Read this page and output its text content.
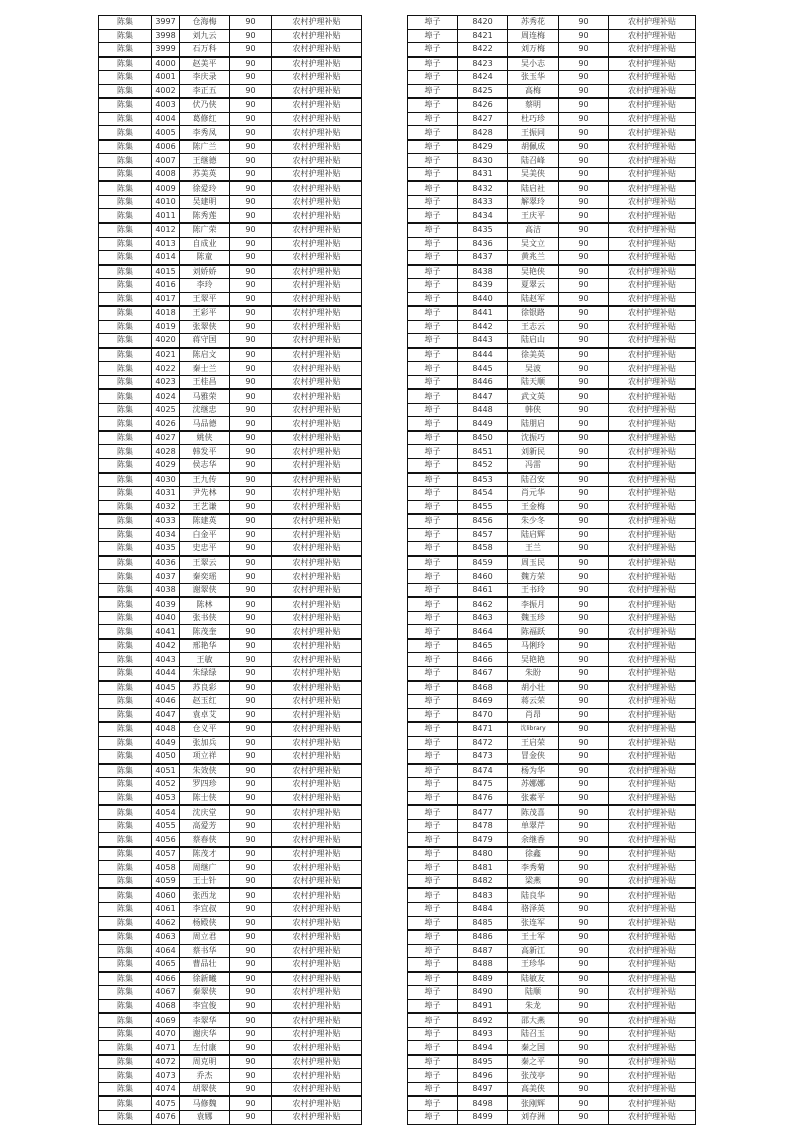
陈集	3997	仓海梅	90	农村护理补贴
陈集	3998	刘九云	90	农村护理补贴
陈集	3999	石万科	90	农村护理补贴
陈集	4000	赵美平	90	农村护理补贴
陈集	4001	李庆录	90	农村护理补贴
陈集	4002	李正五	90	农村护理补贴
陈集	4003	伏乃侠	90	农村护理补贴
陈集	4004	葛修红	90	农村护理补贴
陈集	4005	李秀凤	90	农村护理补贴
陈集	4006	陈广兰	90	农村护理补贴
陈集	4007	王继德	90	农村护理补贴
陈集	4008	苏美英	90	农村护理补贴
陈集	4009	徐爱玲	90	农村护理补贴
陈集	4010	吴建明	90	农村护理补贴
陈集	4011	陈秀莲	90	农村护理补贴
陈集	4012	陈广荣	90	农村护理补贴
陈集	4013	自成业	90	农村护理补贴
陈集	4014	陈童	90	农村护理补贴
陈集	4015	刘娇娇	90	农村护理补贴
陈集	4016	李玲	90	农村护理补贴
陈集	4017	王翠平	90	农村护理补贴
陈集	4018	王彩平	90	农村护理补贴
陈集	4019	张翠侠	90	农村护理补贴
陈集	4020	蒋守国	90	农村护理补贴
陈集	4021	陈启文	90	农村护理补贴
陈集	4022	秦士兰	90	农村护理补贴
陈集	4023	王桂昌	90	农村护理补贴
陈集	4024	马雅荣	90	农村护理补贴
陈集	4025	沈继忠	90	农村护理补贴
陈集	4026	马品德	90	农村护理补贴
陈集	4027	姚侠	90	农村护理补贴
陈集	4028	韩发平	90	农村护理补贴
陈集	4029	侯志华	90	农村护理补贴
陈集	4030	王九传	90	农村护理补贴
陈集	4031	尹先林	90	农村护理补贴
陈集	4032	王艺谦	90	农村护理补贴
陈集	4033	陈建英	90	农村护理补贴
陈集	4034	白金平	90	农村护理补贴
陈集	4035	史忠平	90	农村护理补贴
陈集	4036	王翠云	90	农村护理补贴
陈集	4037	秦奕瑶	90	农村护理补贴
陈集	4038	谢翠侠	90	农村护理补贴
陈集	4039	陈林	90	农村护理补贴
陈集	4040	张书侠	90	农村护理补贴
陈集	4041	陈茂奎	90	农村护理补贴
陈集	4042	邢艳华	90	农村护理补贴
陈集	4043	王敏	90	农村护理补贴
陈集	4044	朱绿绿	90	农村护理补贴
陈集	4045	苏良彩	90	农村护理补贴
陈集	4046	赵玉红	90	农村护理补贴
陈集	4047	袁卓艾	90	农村护理补贴
陈集	4048	仓义平	90	农村护理补贴
陈集	4049	张加兵	90	农村护理补贴
陈集	4050	项立祥	90	农村护理补贴
陈集	4051	朱效侠	90	农村护理补贴
陈集	4052	罗四珍	90	农村护理补贴
陈集	4053	陈士侠	90	农村护理补贴
陈集	4054	沈庆堂	90	农村护理补贴
陈集	4055	高爱芳	90	农村护理补贴
陈集	4056	蔡春侠	90	农村护理补贴
陈集	4057	陈茂才	90	农村护理补贴
陈集	4058	周继广	90	农村护理补贴
陈集	4059	王士针	90	农村护理补贴
陈集	4060	张西龙	90	农村护理补贴
陈集	4061	李宜叔	90	农村护理补贴
陈集	4062	杨殿侠	90	农村护理补贴
陈集	4063	周立君	90	农村护理补贴
陈集	4064	蔡书华	90	农村护理补贴
陈集	4065	曹品壮	90	农村护理补贴
陈集	4066	徐新曦	90	农村护理补贴
陈集	4067	秦翠侠	90	农村护理补贴
陈集	4068	李宜俊	90	农村护理补贴
陈集	4069	李翠华	90	农村护理补贴
陈集	4070	谢庆华	90	农村护理补贴
陈集	4071	左付康	90	农村护理补贴
陈集	4072	周克明	90	农村护理补贴
陈集	4073	乔杰	90	农村护理补贴
陈集	4074	胡翠侠	90	农村护理补贴
陈集	4075	马修魏	90	农村护理补贴
陈集	4076	袁娜	90	农村护理补贴
埠子	8420	苏秀花	90	农村护理补贴
埠子	8421	周连梅	90	农村护理补贴
埠子	8422	刘万梅	90	农村护理补贴
埠子	8423	吴小志	90	农村护理补贴
埠子	8424	张玉华	90	农村护理补贴
埠子	8425	高梅	90	农村护理补贴
埠子	8426	蔡明	90	农村护理补贴
埠子	8427	杜巧珍	90	农村护理补贴
埠子	8428	王振同	90	农村护理补贴
埠子	8429	胡佩成	90	农村护理补贴
埠子	8430	陆召峰	90	农村护理补贴
埠子	8431	吴美侠	90	农村护理补贴
埠子	8432	陆启社	90	农村护理补贴
埠子	8433	解翠玲	90	农村护理补贴
埠子	8434	王庆平	90	农村护理补贴
埠子	8435	高洁	90	农村护理补贴
埠子	8436	吴文立	90	农村护理补贴
埠子	8437	黄兆兰	90	农村护理补贴
埠子	8438	吴艳侠	90	农村护理补贴
埠子	8439	夏翠云	90	农村护理补贴
埠子	8440	陆赵军	90	农村护理补贴
埠子	8441	徐银路	90	农村护理补贴
埠子	8442	王志云	90	农村护理补贴
埠子	8443	陆启山	90	农村护理补贴
埠子	8444	徐美英	90	农村护理补贴
埠子	8445	吴波	90	农村护理补贴
埠子	8446	陆天顺	90	农村护理补贴
埠子	8447	武文英	90	农村护理补贴
埠子	8448	韩侠	90	农村护理补贴
埠子	8449	陆朋启	90	农村护理补贴
埠子	8450	沈振巧	90	农村护理补贴
埠子	8451	刘新民	90	农村护理补贴
埠子	8452	冯雷	90	农村护理补贴
埠子	8453	陆召安	90	农村护理补贴
埠子	8454	肖元华	90	农村护理补贴
埠子	8455	王金梅	90	农村护理补贴
埠子	8456	朱少冬	90	农村护理补贴
埠子	8457	陆启辉	90	农村护理补贴
埠子	8458	王兰	90	农村护理补贴
埠子	8459	周玉民	90	农村护理补贴
埠子	8460	魏方荣	90	农村护理补贴
埠子	8461	王书玲	90	农村护理补贴
埠子	8462	李振月	90	农村护理补贴
埠子	8463	魏玉珍	90	农村护理补贴
埠子	8464	陈福跃	90	农村护理补贴
埠子	8465	马俐玲	90	农村护理补贴
埠子	8466	吴艳艳	90	农村护理补贴
埠子	8467	朱盼	90	农村护理补贴
埠子	8468	胡小壮	90	农村护理补贴
埠子	8469	蒋云荣	90	农村护理补贴
埠子	8470	肖昂	90	农村护理补贴
埠子	8471	沈library	90	农村护理补贴
埠子	8472	王启荣	90	农村护理补贴
埠子	8473	冒金侠	90	农村护理补贴
埠子	8474	杨为华	90	农村护理补贴
埠子	8475	苏娜娜	90	农村护理补贴
埠子	8476	张素平	90	农村护理补贴
埠子	8477	陈茂喜	90	农村护理补贴
埠子	8478	单翠芹	90	农村护理补贴
埠子	8479	余继香	90	农村护理补贴
埠子	8480	徐鑫	90	农村护理补贴
埠子	8481	李秀菊	90	农村护理补贴
埠子	8482	梁燕	90	农村护理补贴
埠子	8483	陆良华	90	农村护理补贴
埠子	8484	骆泽英	90	农村护理补贴
埠子	8485	张连军	90	农村护理补贴
埠子	8486	王士军	90	农村护理补贴
埠子	8487	高新江	90	农村护理补贴
埠子	8488	王珍华	90	农村护理补贴
埠子	8489	陆敏友	90	农村护理补贴
埠子	8490	陆顺	90	农村护理补贴
埠子	8491	朱龙	90	农村护理补贴
埠子	8492	邵大燕	90	农村护理补贴
埠子	8493	陆召玉	90	农村护理补贴
埠子	8494	秦之国	90	农村护理补贴
埠子	8495	秦之平	90	农村护理补贴
埠子	8496	张茂亭	90	农村护理补贴
埠子	8497	高美侠	90	农村护理补贴
埠子	8498	张刚辉	90	农村护理补贴
埠子	8499	刘存洲	90	农村护理补贴
